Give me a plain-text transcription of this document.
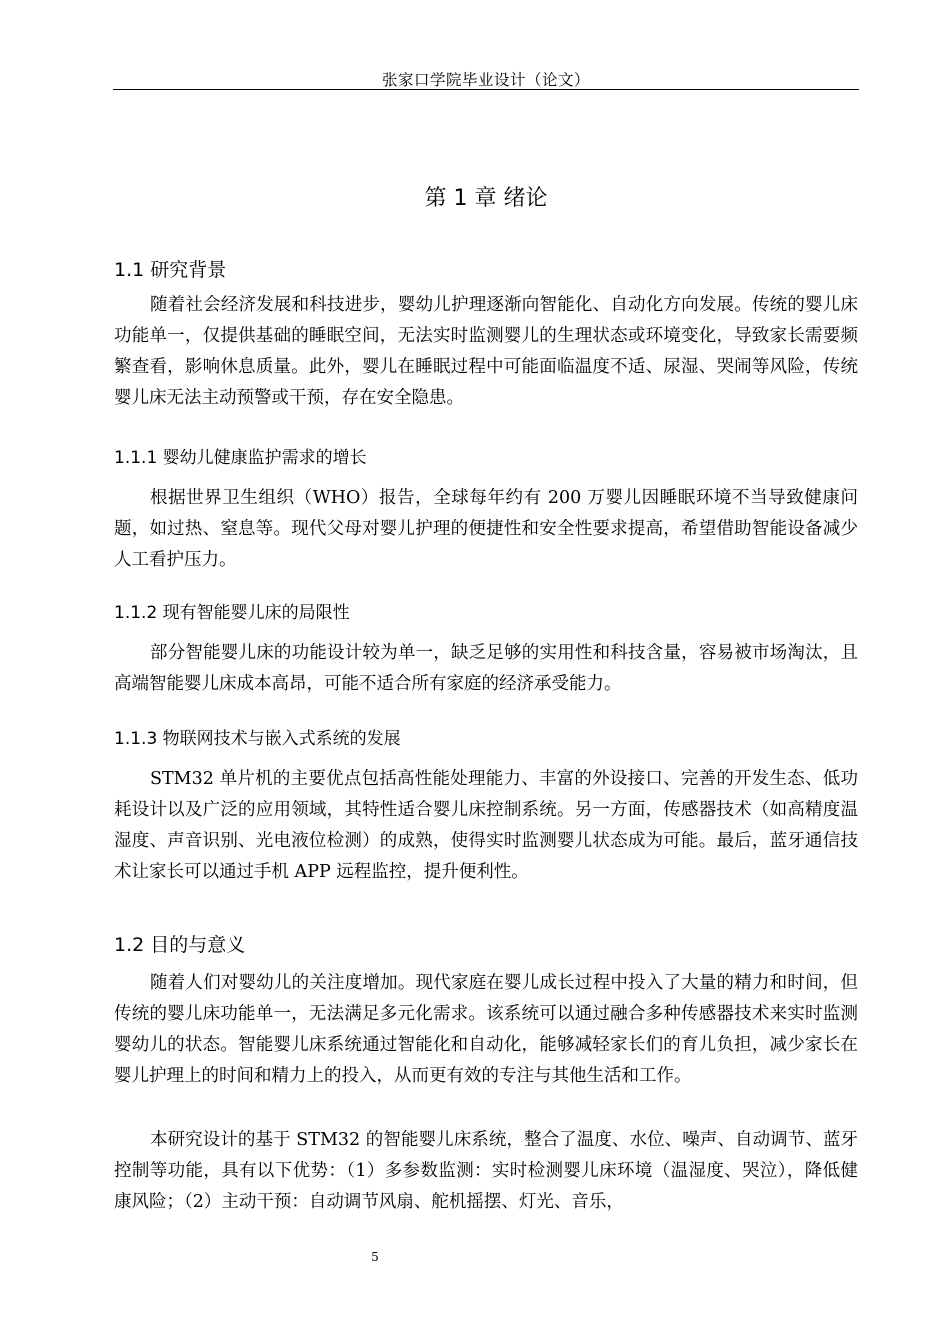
张家口学院毕业设计（论文）
第 1 章 绪论
1.1 研究背景
随着社会经济发展和科技进步，婴幼儿护理逐渐向智能化、自动化方向发展。传统的婴儿床功能单一，仅提供基础的睡眠空间，无法实时监测婴儿的生理状态或环境变化，导致家长需要频繁查看，影响休息质量。此外，婴儿在睡眠过程中可能面临温度不适、尿湿、哭闹等风险，传统婴儿床无法主动预警或干预，存在安全隐患。
1.1.1 婴幼儿健康监护需求的增长
根据世界卫生组织（WHO）报告，全球每年约有 200 万婴儿因睡眠环境不当导致健康问题，如过热、窒息等。现代父母对婴儿护理的便捷性和安全性要求提高，希望借助智能设备减少人工看护压力。
1.1.2 现有智能婴儿床的局限性
部分智能婴儿床的功能设计较为单一，缺乏足够的实用性和科技含量，容易被市场淘汰，且高端智能婴儿床成本高昂，可能不适合所有家庭的经济承受能力。
1.1.3 物联网技术与嵌入式系统的发展
STM32 单片机的主要优点包括高性能处理能力、丰富的外设接口、完善的开发生态、低功耗设计以及广泛的应用领域，其特性适合婴儿床控制系统。另一方面，传感器技术（如高精度温湿度、声音识别、光电液位检测）的成熟，使得实时监测婴儿状态成为可能。最后，蓝牙通信技术让家长可以通过手机 APP 远程监控，提升便利性。
1.2 目的与意义
随着人们对婴幼儿的关注度增加。现代家庭在婴儿成长过程中投入了大量的精力和时间，但传统的婴儿床功能单一，无法满足多元化需求。该系统可以通过融合多种传感器技术来实时监测婴幼儿的状态。智能婴儿床系统通过智能化和自动化，能够减轻家长们的育儿负担，减少家长在婴儿护理上的时间和精力上的投入，从而更有效的专注与其他生活和工作。
本研究设计的基于 STM32 的智能婴儿床系统，整合了温度、水位、噪声、自动调节、蓝牙控制等功能，具有以下优势：（1）多参数监测：实时检测婴儿床环境（温湿度、哭泣），降低健康风险；（2）主动干预：自动调节风扇、舵机摇摆、灯光、音乐，
5
